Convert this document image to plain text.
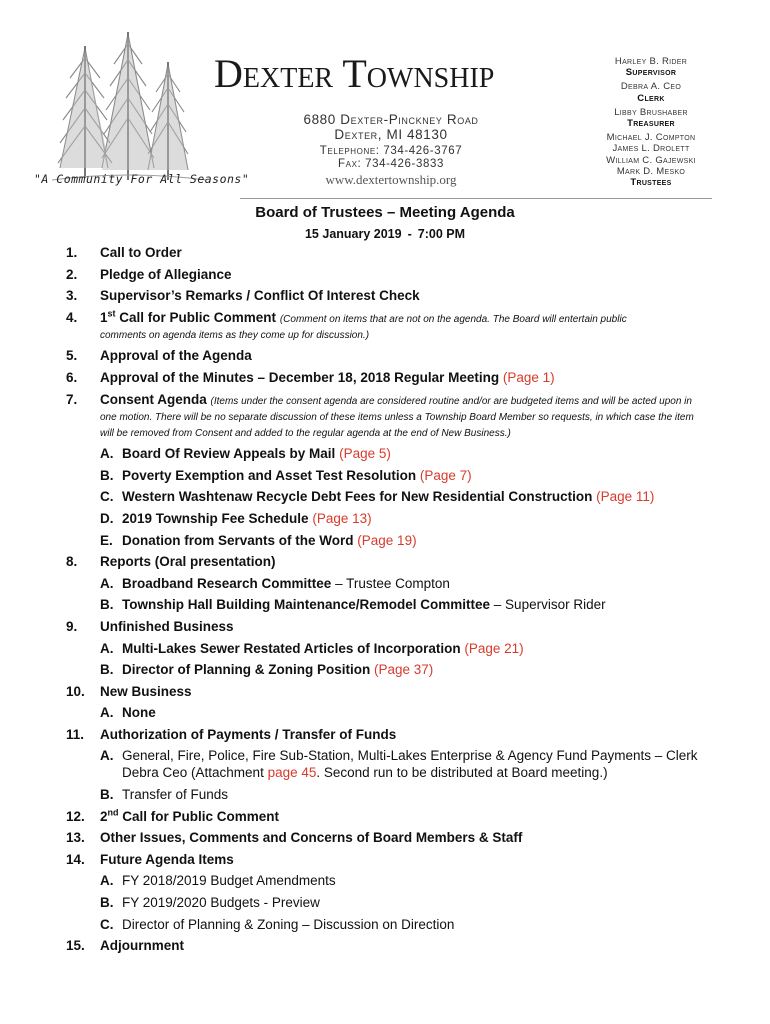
"A Community For All Seasons"
Dexter Township
6880 Dexter-Pinckney Road
Dexter, MI 48130
Telephone: 734-426-3767
Fax: 734-426-3833
www.dextertownship.org
Harley B. Rider
Supervisor
Debra A. Ceo
Clerk
Libby Brushaber
Treasurer
Michael J. Compton
James L. Drolett
William C. Gajewski
Mark D. Mesko
Trustees
Board of Trustees – Meeting Agenda
15 January 2019 - 7:00 PM
1.	Call to Order
2.	Pledge of Allegiance
3.	Supervisor’s Remarks / Conflict Of Interest Check
4.	1st Call for Public Comment (Comment on items that are not on the agenda. The Board will entertain public
comments on agenda items as they come up for discussion.)
5.	Approval of the Agenda
6.	Approval of the Minutes – December 18, 2018 Regular Meeting (Page 1)
7.	Consent Agenda (Items under the consent agenda are considered routine and/or are budgeted items and will be acted upon in
one motion. There will be no separate discussion of these items unless a Township Board Member so requests, in which case the item
will be removed from Consent and added to the regular agenda at the end of New Business.)
A. Board Of Review Appeals by Mail (Page 5)
B. Poverty Exemption and Asset Test Resolution (Page 7)
C. Western Washtenaw Recycle Debt Fees for New Residential Construction (Page 11)
D. 2019 Township Fee Schedule (Page 13)
E. Donation from Servants of the Word (Page 19)
8.	Reports (Oral presentation)
A. Broadband Research Committee – Trustee Compton
B. Township Hall Building Maintenance/Remodel Committee – Supervisor Rider
9.	Unfinished Business
A. Multi-Lakes Sewer Restated Articles of Incorporation (Page 21)
B. Director of Planning & Zoning Position (Page 37)
10.	New Business
A. None
11.	Authorization of Payments / Transfer of Funds
A. General, Fire, Police, Fire Sub-Station, Multi-Lakes Enterprise & Agency Fund Payments – Clerk
Debra Ceo (Attachment page 45. Second run to be distributed at Board meeting.)
B. Transfer of Funds
12.	2nd Call for Public Comment
13.	Other Issues, Comments and Concerns of Board Members & Staff
14.	Future Agenda Items
A. FY 2018/2019 Budget Amendments
B. FY 2019/2020 Budgets - Preview
C. Director of Planning & Zoning – Discussion on Direction
15.	Adjournment
